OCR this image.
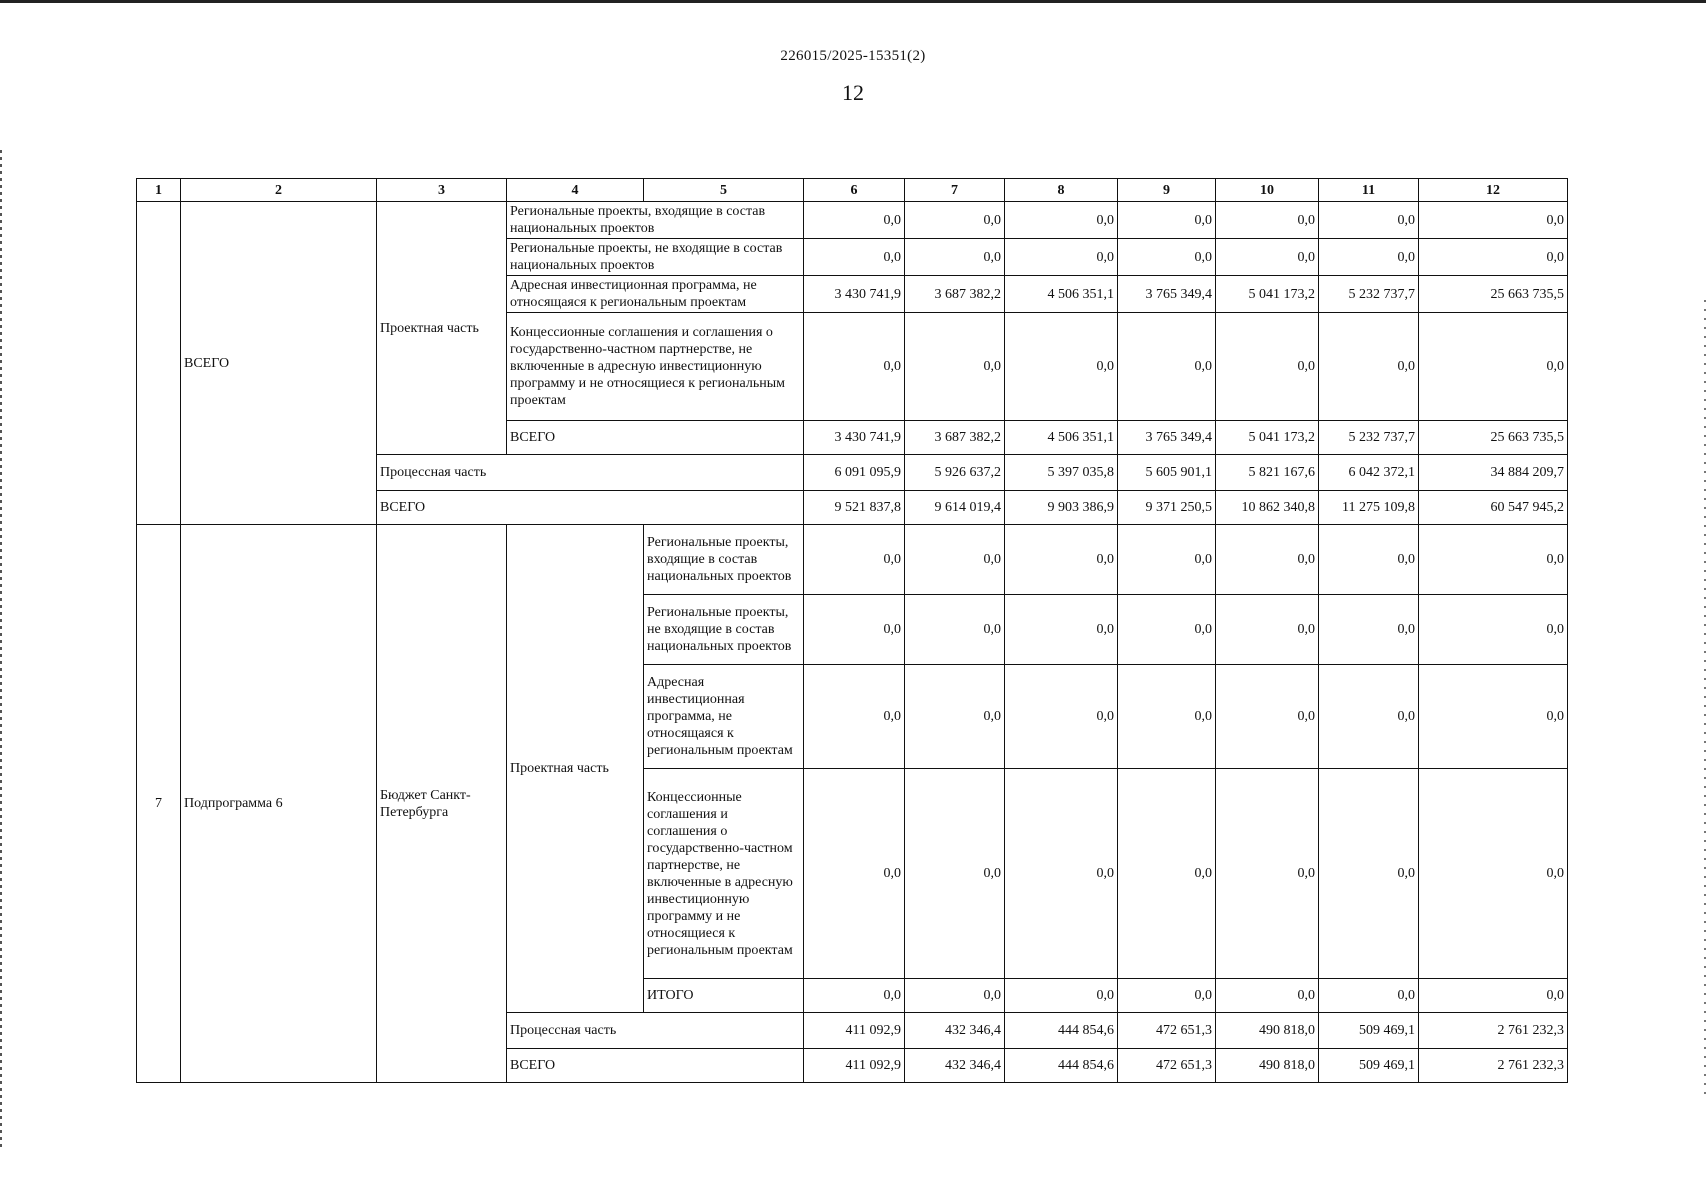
226015/2025-15351(2)
12
1	2	3	4	5	6	7	8	9	10	11	12
	ВСЕГО	Проектная часть	Региональные проекты, входящие в состав национальных проектов		0,0	0,0	0,0	0,0	0,0	0,0	0,0
			Региональные проекты, не входящие в состав национальных проектов		0,0	0,0	0,0	0,0	0,0	0,0	0,0
			Адресная инвестиционная программа, не относящаяся к региональным проектам		3 430 741,9	3 687 382,2	4 506 351,1	3 765 349,4	5 041 173,2	5 232 737,7	25 663 735,5
			Концессионные соглашения и соглашения о государственно-частном партнерстве, не включенные в адресную инвестиционную программу и не относящиеся к региональным проектам		0,0	0,0	0,0	0,0	0,0	0,0	0,0
			ВСЕГО		3 430 741,9	3 687 382,2	4 506 351,1	3 765 349,4	5 041 173,2	5 232 737,7	25 663 735,5
		Процессная часть			6 091 095,9	5 926 637,2	5 397 035,8	5 605 901,1	5 821 167,6	6 042 372,1	34 884 209,7
		ВСЕГО			9 521 837,8	9 614 019,4	9 903 386,9	9 371 250,5	10 862 340,8	11 275 109,8	60 547 945,2
7	Подпрограмма 6	Бюджет Санкт-Петербурга	Проектная часть	Региональные проекты, входящие в состав национальных проектов	0,0	0,0	0,0	0,0	0,0	0,0	0,0
				Региональные проекты, не входящие в состав национальных проектов	0,0	0,0	0,0	0,0	0,0	0,0	0,0
				Адресная инвестиционная программа, не относящаяся к региональным проектам	0,0	0,0	0,0	0,0	0,0	0,0	0,0
				Концессионные соглашения и соглашения о государственно-частном партнерстве, не включенные в адресную инвестиционную программу и не относящиеся к региональным проектам	0,0	0,0	0,0	0,0	0,0	0,0	0,0
				ИТОГО	0,0	0,0	0,0	0,0	0,0	0,0	0,0
			Процессная часть		411 092,9	432 346,4	444 854,6	472 651,3	490 818,0	509 469,1	2 761 232,3
			ВСЕГО		411 092,9	432 346,4	444 854,6	472 651,3	490 818,0	509 469,1	2 761 232,3
